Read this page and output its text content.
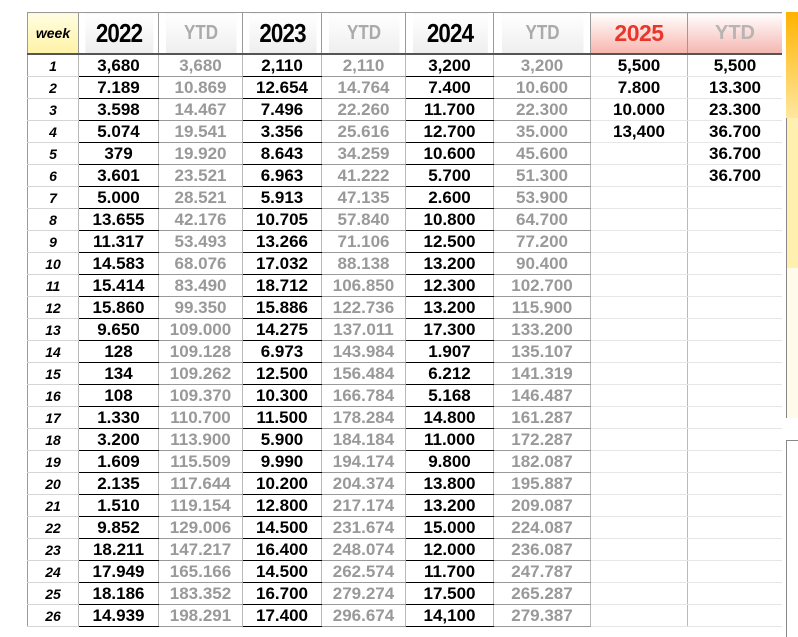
week	2022	YTD	2023	YTD	2024	YTD	2025	YTD
1	3,680	3,680	2,110	2,110	3,200	3,200	5,500	5,500
2	7.189	10.869	12.654	14.764	7.400	10.600	7.800	13.300
3	3.598	14.467	7.496	22.260	11.700	22.300	10.000	23.300
4	5.074	19.541	3.356	25.616	12.700	35.000	13,400	36.700
5	379	19.920	8.643	34.259	10.600	45.600		36.700
6	3.601	23.521	6.963	41.222	5.700	51.300		36.700
7	5.000	28.521	5.913	47.135	2.600	53.900		
8	13.655	42.176	10.705	57.840	10.800	64.700		
9	11.317	53.493	13.266	71.106	12.500	77.200		
10	14.583	68.076	17.032	88.138	13.200	90.400		
11	15.414	83.490	18.712	106.850	12.300	102.700		
12	15.860	99.350	15.886	122.736	13.200	115.900		
13	9.650	109.000	14.275	137.011	17.300	133.200		
14	128	109.128	6.973	143.984	1.907	135.107		
15	134	109.262	12.500	156.484	6.212	141.319		
16	108	109.370	10.300	166.784	5.168	146.487		
17	1.330	110.700	11.500	178.284	14.800	161.287		
18	3.200	113.900	5.900	184.184	11.000	172.287		
19	1.609	115.509	9.990	194.174	9.800	182.087		
20	2.135	117.644	10.200	204.374	13.800	195.887		
21	1.510	119.154	12.800	217.174	13.200	209.087		
22	9.852	129.006	14.500	231.674	15.000	224.087		
23	18.211	147.217	16.400	248.074	12.000	236.087		
24	17.949	165.166	14.500	262.574	11.700	247.787		
25	18.186	183.352	16.700	279.274	17.500	265.287		
26	14.939	198.291	17.400	296.674	14,100	279.387		
